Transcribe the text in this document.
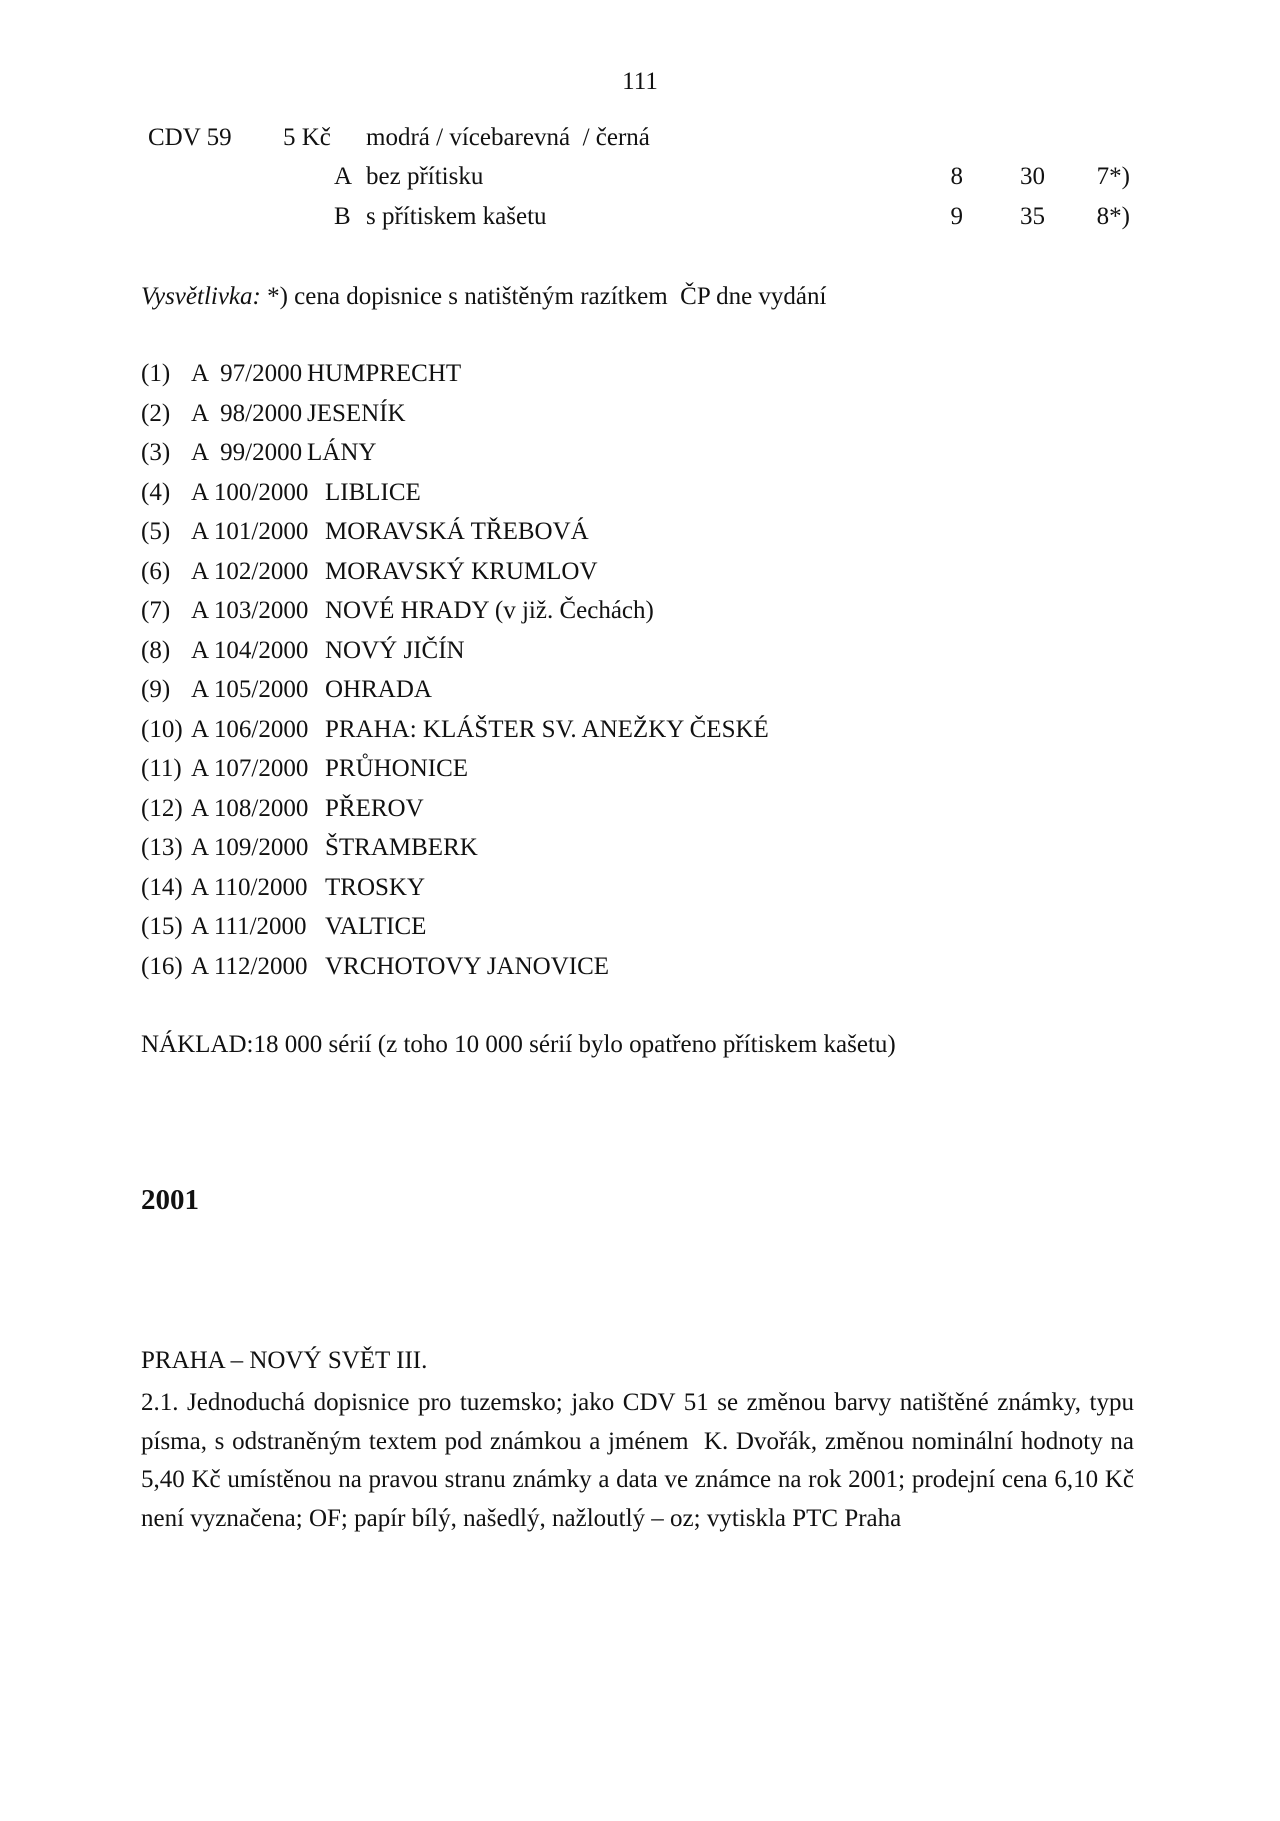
111
CDV 59 5 Kč modrá / vícebarevná  / černá
A bez přítisku	8	30 7*)
B s přítiskem kašetu	9	35 8*)
Vysvětlivka: *) cena dopisnice s natištěným razítkem  ČP dne vydání
(1) A  97/2000 HUMPRECHT
(2) A  98/2000 JESENÍK
(3) A  99/2000 LÁNY
(4) A 100/2000 LIBLICE
(5) A 101/2000 MORAVSKÁ TŘEBOVÁ
(6) A 102/2000 MORAVSKÝ KRUMLOV
(7) A 103/2000 NOVÉ HRADY (v již. Čechách)
(8) A 104/2000 NOVÝ JIČÍN
(9) A 105/2000 OHRADA
(10) A 106/2000 PRAHA: KLÁŠTER SV. ANEŽKY ČESKÉ
(11) A 107/2000 PRŮHONICE
(12) A 108/2000 PŘEROV
(13) A 109/2000 ŠTRAMBERK
(14) A 110/2000 TROSKY
(15) A 111/2000 VALTICE
(16) A 112/2000 VRCHOTOVY JANOVICE
NÁKLAD:18 000 sérií (z toho 10 000 sérií bylo opatřeno přítiskem kašetu)
2001
PRAHA – NOVÝ SVĚT III.
2.1. Jednoduchá dopisnice pro tuzemsko; jako CDV 51 se změnou barvy natištěné známky, typu písma, s odstraněným textem pod známkou a jménem  K. Dvořák, změnou nominální hodnoty na 5,40 Kč umístěnou na pravou stranu známky a data ve známce na rok 2001; prodejní cena 6,10 Kč není vyznačena; OF; papír bílý, našedlý, nažloutlý – oz; vytiskla PTC Praha
